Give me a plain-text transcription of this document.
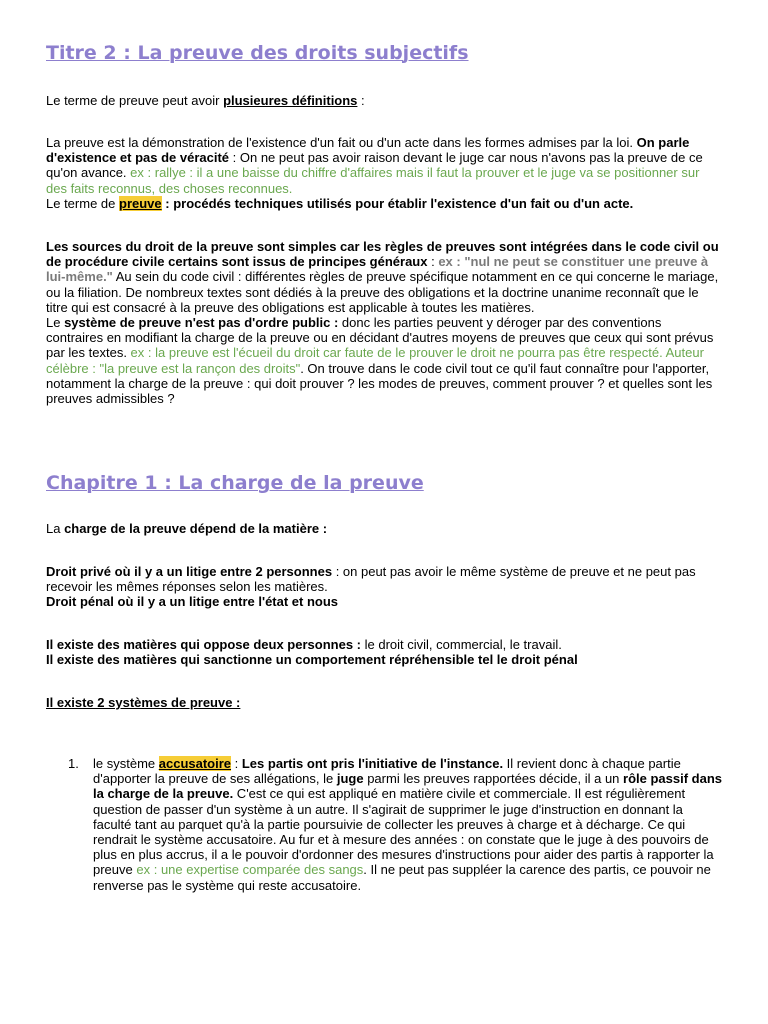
Titre 2 : La preuve des droits subjectifs

Le terme de preuve peut avoir plusieures définitions :

La preuve est la démonstration de l'existence d'un fait ou d'un acte dans les formes admises par la loi. On parle d'existence et pas de véracité : On ne peut pas avoir raison devant le juge car nous n'avons pas la preuve de ce qu'on avance. ex : rallye : il a une baisse du chiffre d'affaires mais il faut la prouver et le juge va se positionner sur des faits reconnus, des choses reconnues.
Le terme de preuve : procédés techniques utilisés pour établir l'existence d'un fait ou d'un acte.

Les sources du droit de la preuve sont simples car les règles de preuves sont intégrées dans le code civil ou de procédure civile certains sont issus de principes généraux : ex : "nul ne peut se constituer une preuve à lui-même." Au sein du code civil : différentes règles de preuve spécifique notamment en ce qui concerne le mariage, ou la filiation. De nombreux textes sont dédiés à la preuve des obligations et la doctrine unanime reconnaît que le titre qui est consacré à la preuve des obligations est applicable à toutes les matières.
Le système de preuve n'est pas d'ordre public : donc les parties peuvent y déroger par des conventions contraires en modifiant la charge de la preuve ou en décidant d'autres moyens de preuves que ceux qui sont prévus par les textes. ex : la preuve est l'écueil du droit car faute de le prouver le droit ne pourra pas être respecté. Auteur célèbre : "la preuve est la rançon des droits". On trouve dans le code civil tout ce qu'il faut connaître pour l'apporter, notamment la charge de la preuve : qui doit prouver ? les modes de preuves, comment prouver ? et quelles sont les preuves admissibles ?

Chapitre 1 : La charge de la preuve

La charge de la preuve dépend de la matière :

Droit privé où il y a un litige entre 2 personnes : on peut pas avoir le même système de preuve et ne peut pas recevoir les mêmes réponses selon les matières.
Droit pénal où il y a un litige entre l'état et nous

Il existe des matières qui oppose deux personnes : le droit civil, commercial, le travail.
Il existe des matières qui sanctionne un comportement répréhensible tel le droit pénal

Il existe 2 systèmes de preuve :

1. le système accusatoire : Les partis ont pris l'initiative de l'instance. Il revient donc à chaque partie d'apporter la preuve de ses allégations, le juge parmi les preuves rapportées décide, il a un rôle passif dans la charge de la preuve. C'est ce qui est appliqué en matière civile et commerciale. Il est régulièrement question de passer d'un système à un autre. Il s'agirait de supprimer le juge d'instruction en donnant la faculté tant au parquet qu'à la partie poursuivie de collecter les preuves à charge et à décharge. Ce qui rendrait le système accusatoire. Au fur et à mesure des années : on constate que le juge à des pouvoirs de plus en plus accrus, il a le pouvoir d'ordonner des mesures d'instructions pour aider des partis à rapporter la preuve ex : une expertise comparée des sangs. Il ne peut pas suppléer la carence des partis, ce pouvoir ne renverse pas le système qui reste accusatoire.
